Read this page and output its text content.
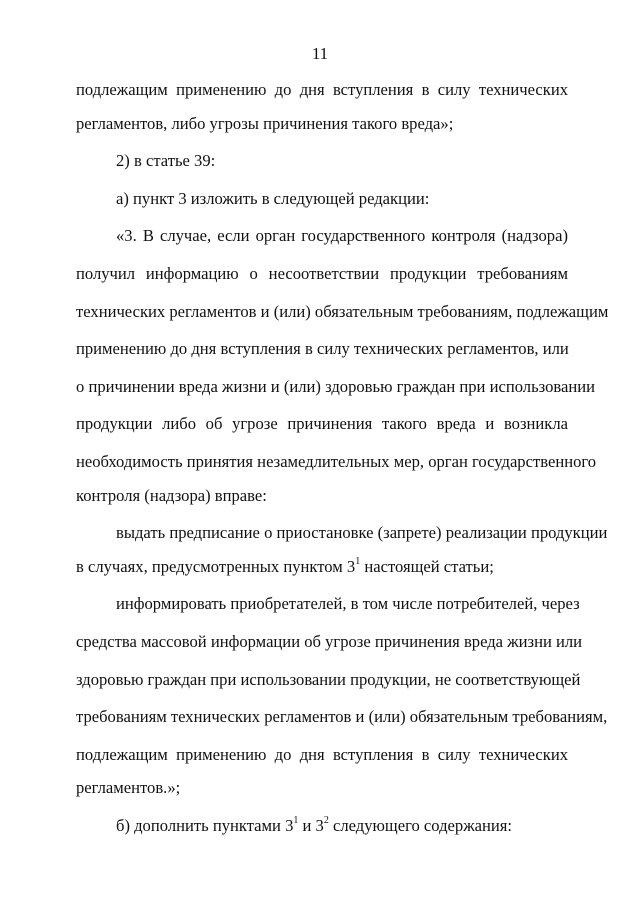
11
подлежащим применению до дня вступления в силу технических
регламентов, либо угрозы причинения такого вреда»;
2) в статье 39:
а) пункт 3 изложить в следующей редакции:
«3. В случае, если орган государственного контроля (надзора)
получил информацию о несоответствии продукции требованиям
технических регламентов и (или) обязательным требованиям, подлежащим
применению до дня вступления в силу технических регламентов, или
о причинении вреда жизни и (или) здоровью граждан при использовании
продукции либо об угрозе причинения такого вреда и возникла
необходимость принятия незамедлительных мер, орган государственного
контроля (надзора) вправе:
выдать предписание о приостановке (запрете) реализации продукции
в случаях, предусмотренных пунктом $3^1$ настоящей статьи;
информировать приобретателей, в том числе потребителей, через
средства массовой информации об угрозе причинения вреда жизни или
здоровью граждан при использовании продукции, не соответствующей
требованиям технических регламентов и (или) обязательным требованиям,
подлежащим применению до дня вступления в силу технических
регламентов.»;
б) дополнить пунктами $3^1$ и $3^2$ следующего содержания:
